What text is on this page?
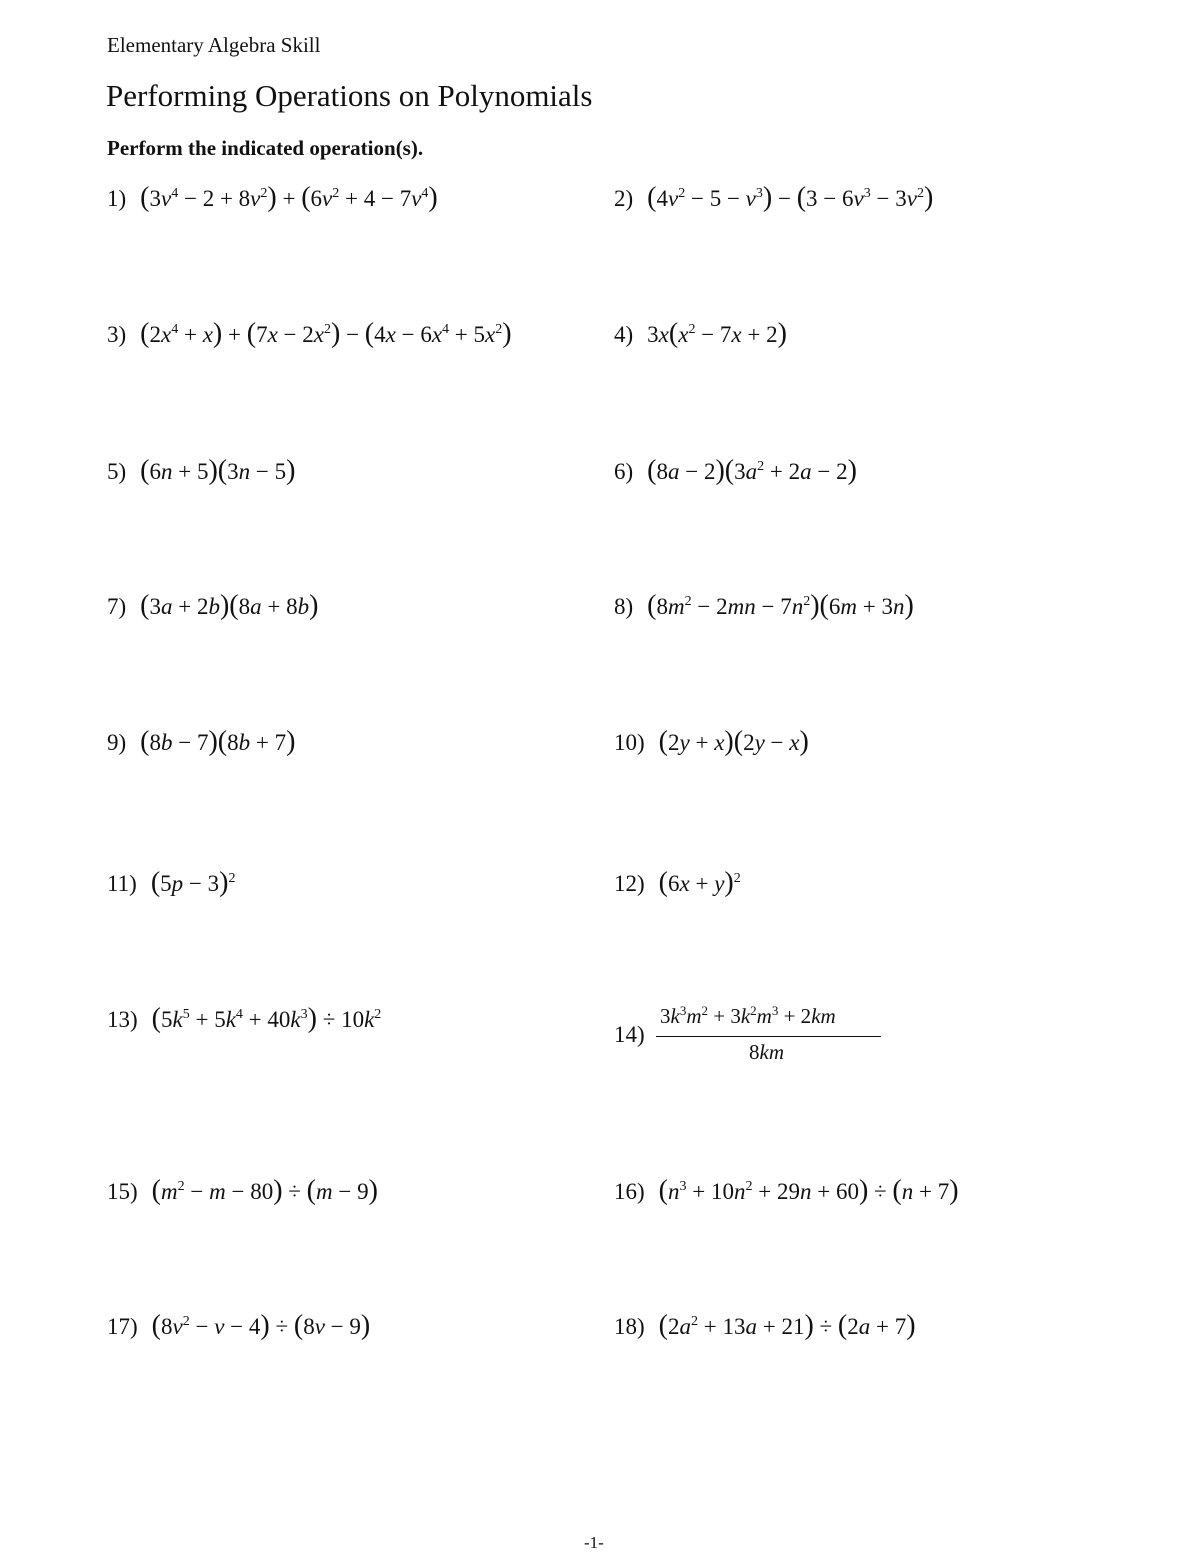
Elementary Algebra Skill
Performing Operations on Polynomials
Perform the indicated operation(s).
1) $(3v^4 - 2 + 8v^2) + (6v^2 + 4 - 7v^4)$	2) $(4v^2 - 5 - v^3) - (3 - 6v^3 - 3v^2)$
3) $(2x^4 + x) + (7x - 2x^2) - (4x - 6x^4 + 5x^2)$	4) $3x(x^2 - 7x + 2)$
5) (6n + 5)(3n − 5)	6) $(8a - 2)(3a^2 + 2a - 2)$
7) (3a + 2b)(8a + 8b)	8) $(8m^2 - 2mn - 7n^2)(6m + 3n)$
9) (8b − 7)(8b + 7)	10) (2y + x)(2y − x)
11) $(5p - 3)^2$	12) $(6x + y)^2$
13) $(5k^5 + 5k^4 + 40k^3) \div 10k^2$
14)
$3k^3m^2 + 3k^2m^3 + 2km$
8km
15) $(m^2 - m - 80) \div (m - 9)$	16) $(n^3 + 10n^2 + 29n + 60) \div (n + 7)$
17) $(8v^2 - v - 4) \div (8v - 9)$	18) $(2a^2 + 13a + 21) \div (2a + 7)$
-1-
